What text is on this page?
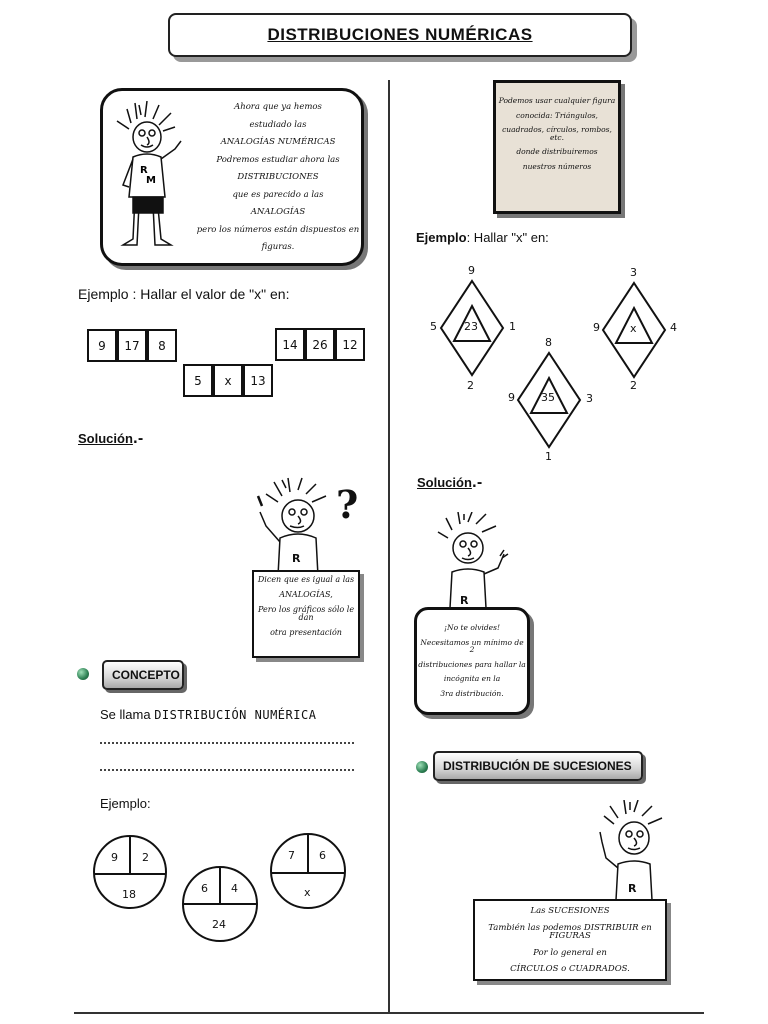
DISTRIBUCIONES NUMÉRICAS
R
M
Ahora que ya hemos
estudiado las
ANALOGÍAS NUMÉRICAS
Podremos estudiar ahora las
DISTRIBUCIONES
que es parecido a las
ANALOGÍAS
pero los números están dispuestos en
figuras.
Ejemplo : Hallar el valor de "x" en:
9	17	8
5	x	13
14	26	12
Solución.-
?
R
Dicen que es igual a las
ANALOGÍAS,
Pero los gráficos sólo le dan
otra presentación
CONCEPTO
Se llama DISTRIBUCIÓN NUMÉRICA
Ejemplo:
9 2
18	6 4
24
7 6
x
Podemos usar cualquier figura
conocida: Triángulos,
cuadrados, círculos, rombos, etc.
donde distribuiremos
nuestros números
Ejemplo: Hallar "x" en:
9
5	1
2
23
8
9	3
1
35
3
9	4
2
x
Solución.-
R
¡No te olvides!
Necesitamos un mínimo de 2
distribuciones para hallar la
incógnita en la
3ra distribución.
DISTRIBUCIÓN DE SUCESIONES
R
Las SUCESIONES
También las podemos DISTRIBUIR en FIGURAS
Por lo general en
CÍRCULOS o CUADRADOS.
